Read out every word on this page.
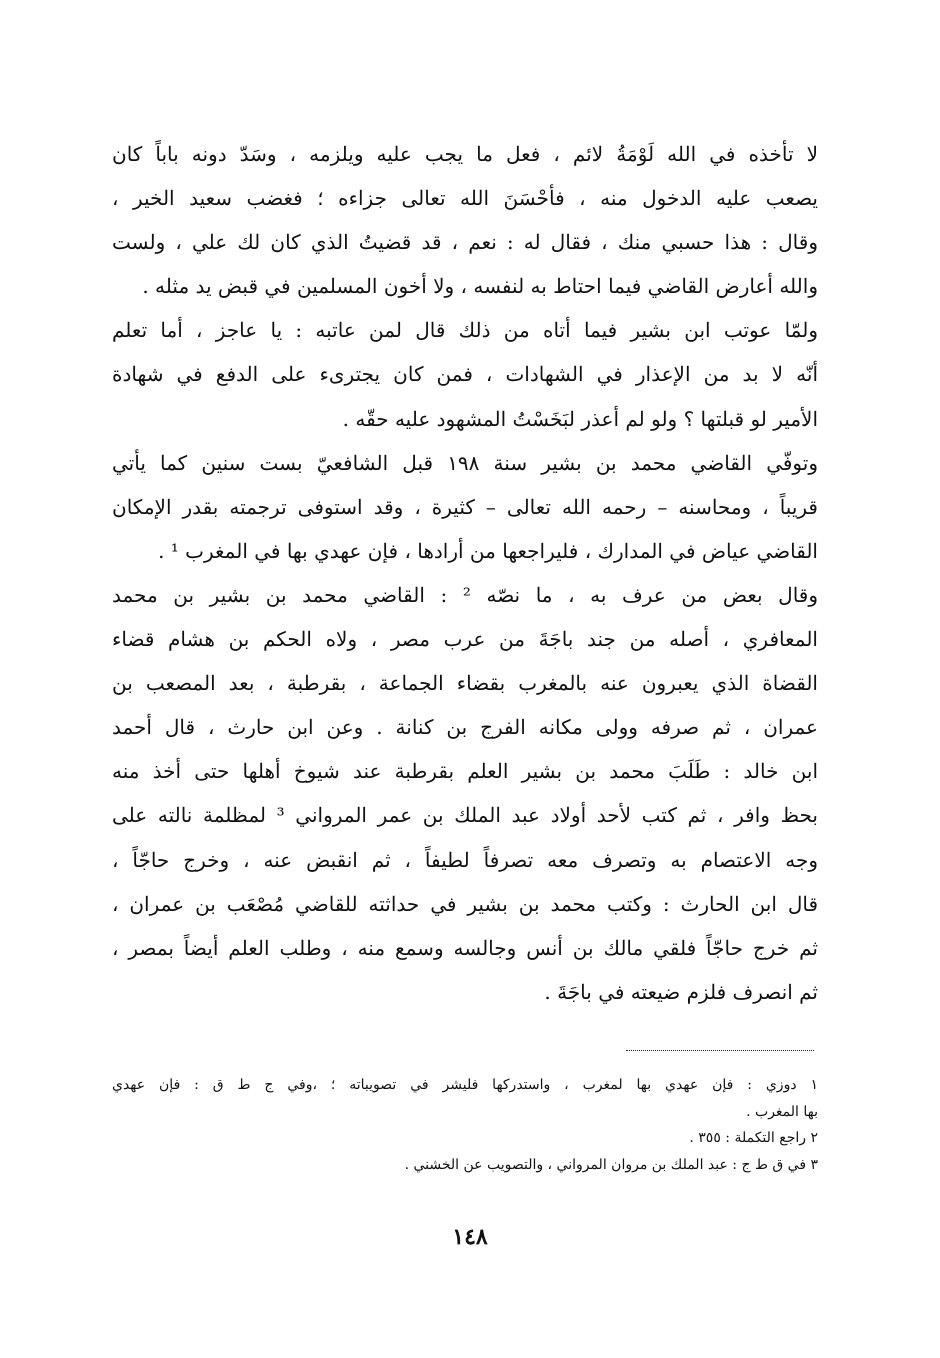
لا تأخذه في الله لَوْمَةُ لائم ، فعل ما يجب عليه ويلزمه ، وسَدّ دونه باباً كان
يصعب عليه الدخول منه ، فأحْسَنَ الله تعالى جزاءه ؛ فغضب سعيد الخير ،
وقال : هذا حسبي منك ، فقال له : نعم ، قد قضيتُ الذي كان لك علي ، ولست
والله أعارض القاضي فيما احتاط به لنفسه ، ولا أخون المسلمين في قبض يد مثله .
ولمّا عوتب ابن بشير فيما أتاه من ذلك قال لمن عاتبه : يا عاجز ، أما تعلم
أنّه لا بد من الإعذار في الشهادات ، فمن كان يجترىء على الدفع في شهادة
الأمير لو قبلتها ؟ ولو لم أعذر لبَخَسْتُ المشهود عليه حقّه .
وتوفّي القاضي محمد بن بشير سنة ١٩٨ قبل الشافعيّ بست سنين كما يأتي
قريباً ، ومحاسنه – رحمه الله تعالى – كثيرة ، وقد استوفى ترجمته بقدر الإمكان
القاضي عياض في المدارك ، فليراجعها من أرادها ، فإن عهدي بها في المغرب ¹ .
وقال بعض من عرف به ، ما نصّه ² : القاضي محمد بن بشير بن محمد
المعافري ، أصله من جند باجَةَ من عرب مصر ، ولاه الحكم بن هشام قضاء
القضاة الذي يعبرون عنه بالمغرب بقضاء الجماعة ، بقرطبة ، بعد المصعب بن
عمران ، ثم صرفه وولى مكانه الفرج بن كنانة . وعن ابن حارث ، قال أحمد
ابن خالد : طَلَبَ محمد بن بشير العلم بقرطبة عند شيوخ أهلها حتى أخذ منه
بحظ وافر ، ثم كتب لأحد أولاد عبد الملك بن عمر المرواني ³ لمظلمة نالته على
وجه الاعتصام به وتصرف معه تصرفاً لطيفاً ، ثم انقبض عنه ، وخرج حاجّاً ،
قال ابن الحارث : وكتب محمد بن بشير في حداثته للقاضي مُصْعَب بن عمران ،
ثم خرج حاجّاً فلقي مالك بن أنس وجالسه وسمع منه ، وطلب العلم أيضاً بمصر ،
ثم انصرف فلزم ضيعته في باجَةَ .
١ دوزي : فإن عهدي بها لمغرب ، واستدركها فليشر في تصويباته ؛ ،وفي ج ط ق : فإن عهدي
بها المغرب .
٢ راجع التكملة : ٣٥٥ .
٣ في ق ط ج : عبد الملك بن مروان المرواني ، والتصويب عن الخشني .
١٤٨
